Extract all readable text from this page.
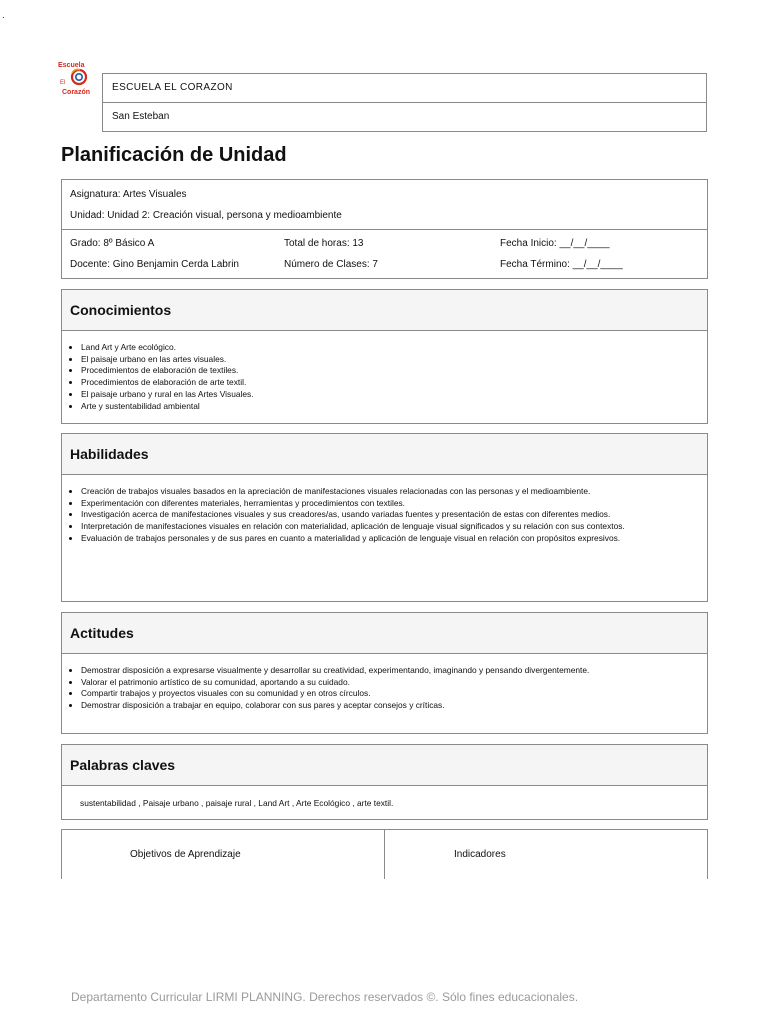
.
Escuela
El
Corazón	ESCUELA EL CORAZON
San Esteban
Planificación de Unidad
Asignatura: Artes Visuales
Unidad: Unidad 2: Creación visual, persona y medioambiente
Grado: 8º Básico A	Total de horas: 13	Fecha Inicio: __/__/____
Docente: Gino Benjamin Cerda Labrin	Número de Clases: 7	Fecha Término: __/__/____
Conocimientos
• Land Art y Arte ecológico.
• El paisaje urbano en las artes visuales.
• Procedimientos de elaboración de textiles.
• Procedimientos de elaboración de arte textil.
• El paisaje urbano y rural en las Artes Visuales.
• Arte y sustentabilidad ambiental
Habilidades
• Creación de trabajos visuales basados en la apreciación de manifestaciones visuales relacionadas con las personas y el medioambiente.
• Experimentación con diferentes materiales, herramientas y procedimientos con textiles.
• Investigación acerca de manifestaciones visuales y sus creadores/as, usando variadas fuentes y presentación de estas con diferentes medios.
• Interpretación de manifestaciones visuales en relación con materialidad, aplicación de lenguaje visual significados y su relación con sus contextos.
• Evaluación de trabajos personales y de sus pares en cuanto a materialidad y aplicación de lenguaje visual en relación con propósitos expresivos.
Actitudes
• Demostrar disposición a expresarse visualmente y desarrollar su creatividad, experimentando, imaginando y pensando divergentemente.
• Valorar el patrimonio artístico de su comunidad, aportando a su cuidado.
• Compartir trabajos y proyectos visuales con su comunidad y en otros círculos.
• Demostrar disposición a trabajar en equipo, colaborar con sus pares y aceptar consejos y críticas.
Palabras claves
sustentabilidad , Paisaje urbano , paisaje rural , Land Art , Arte Ecológico , arte textil.
Objetivos de Aprendizaje	Indicadores
Departamento Curricular LIRMI PLANNING. Derechos reservados ©. Sólo fines educacionales.
